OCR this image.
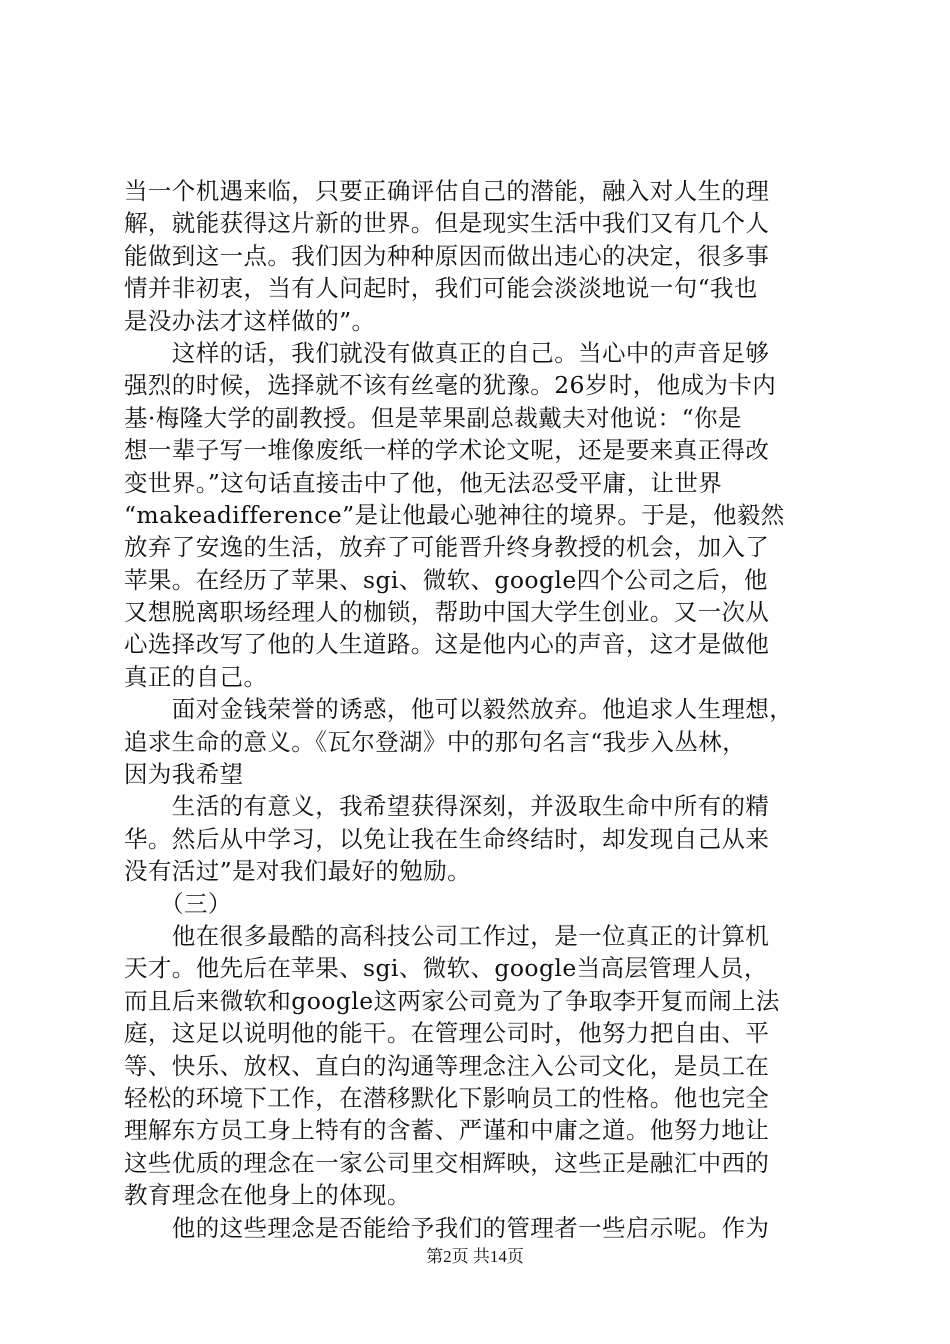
当一个机遇来临，只要正确评估自己的潜能，融入对人生的理
解，就能获得这片新的世界。但是现实生活中我们又有几个人
能做到这一点。我们因为种种原因而做出违心的决定，很多事
情并非初衷，当有人问起时，我们可能会淡淡地说一句“我也
是没办法才这样做的”。
　　这样的话，我们就没有做真正的自己。当心中的声音足够
强烈的时候，选择就不该有丝毫的犹豫。26岁时，他成为卡内
基·梅隆大学的副教授。但是苹果副总裁戴夫对他说：“你是
想一辈子写一堆像废纸一样的学术论文呢，还是要来真正得改
变世界。”这句话直接击中了他，他无法忍受平庸，让世界
“makeadifference”是让他最心驰神往的境界。于是，他毅然
放弃了安逸的生活，放弃了可能晋升终身教授的机会，加入了
苹果。在经历了苹果、sgi、微软、google四个公司之后，他
又想脱离职场经理人的枷锁，帮助中国大学生创业。又一次从
心选择改写了他的人生道路。这是他内心的声音，这才是做他
真正的自己。
　　面对金钱荣誉的诱惑，他可以毅然放弃。他追求人生理想，
追求生命的意义。《瓦尔登湖》中的那句名言“我步入丛林，
因为我希望
　　生活的有意义，我希望获得深刻，并汲取生命中所有的精
华。然后从中学习，以免让我在生命终结时，却发现自己从来
没有活过”是对我们最好的勉励。
　　（三）
　　他在很多最酷的高科技公司工作过，是一位真正的计算机
天才。他先后在苹果、sgi、微软、google当高层管理人员，
而且后来微软和google这两家公司竟为了争取李开复而闹上法
庭，这足以说明他的能干。在管理公司时，他努力把自由、平
等、快乐、放权、直白的沟通等理念注入公司文化，是员工在
轻松的环境下工作，在潜移默化下影响员工的性格。他也完全
理解东方员工身上特有的含蓄、严谨和中庸之道。他努力地让
这些优质的理念在一家公司里交相辉映，这些正是融汇中西的
教育理念在他身上的体现。
　　他的这些理念是否能给予我们的管理者一些启示呢。作为
第2页 共14页
